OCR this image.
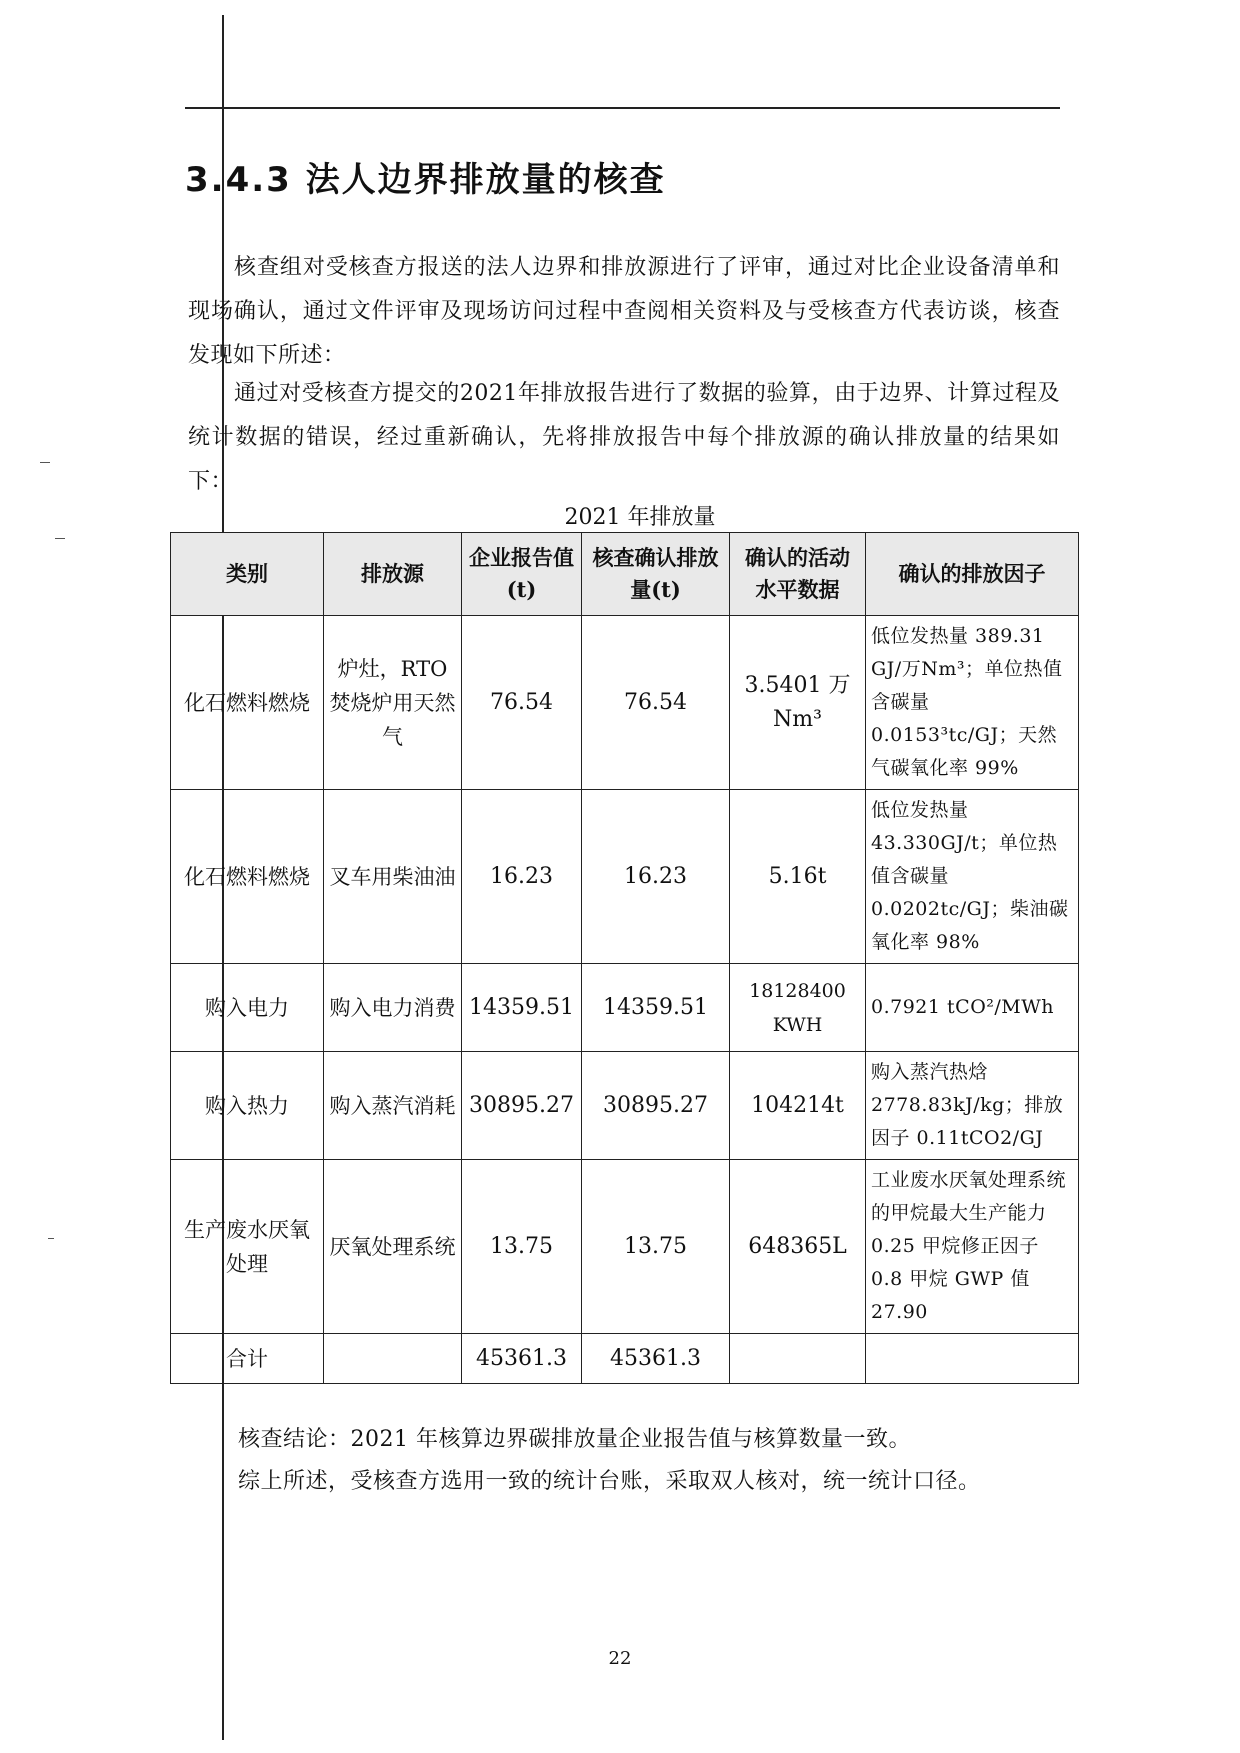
3.4.3 法人边界排放量的核查

核查组对受核查方报送的法人边界和排放源进行了评审，通过对比企业设备清单和现场确认，通过文件评审及现场访问过程中查阅相关资料及与受核查方代表访谈，核查发现如下所述：

通过对受核查方提交的2021年排放报告进行了数据的验算，由于边界、计算过程及统计数据的错误，经过重新确认，先将排放报告中每个排放源的确认排放量的结果如下：

2021 年排放量
类别	排放源	企业报告值(t)	核查确认排放量(t)	确认的活动水平数据	确认的排放因子
化石燃料燃烧	炉灶，RTO焚烧炉用天然气	76.54	76.54	3.5401 万Nm³	低位发热量 389.31 GJ/万Nm³；单位热值含碳量 0.0153³tc/GJ；天然气碳氧化率 99%
化石燃料燃烧	叉车用柴油油	16.23	16.23	5.16t	低位发热量 43.330GJ/t；单位热值含碳量 0.0202tc/GJ；柴油碳氧化率 98%
购入电力	购入电力消费	14359.51	14359.51	18128400 KWH	0.7921 tCO²/MWh
购入热力	购入蒸汽消耗	30895.27	30895.27	104214t	购入蒸汽热焓 2778.83kJ/kg；排放因子 0.11tCO2/GJ
生产废水厌氧处理	厌氧处理系统	13.75	13.75	648365L	工业废水厌氧处理系统的甲烷最大生产能力 0.25 甲烷修正因子 0.8 甲烷 GWP 值 27.90
合计		45361.3	45361.3		
核查结论：2021 年核算边界碳排放量企业报告值与核算数量一致。
综上所述，受核查方选用一致的统计台账，采取双人核对，统一统计口径。
22
